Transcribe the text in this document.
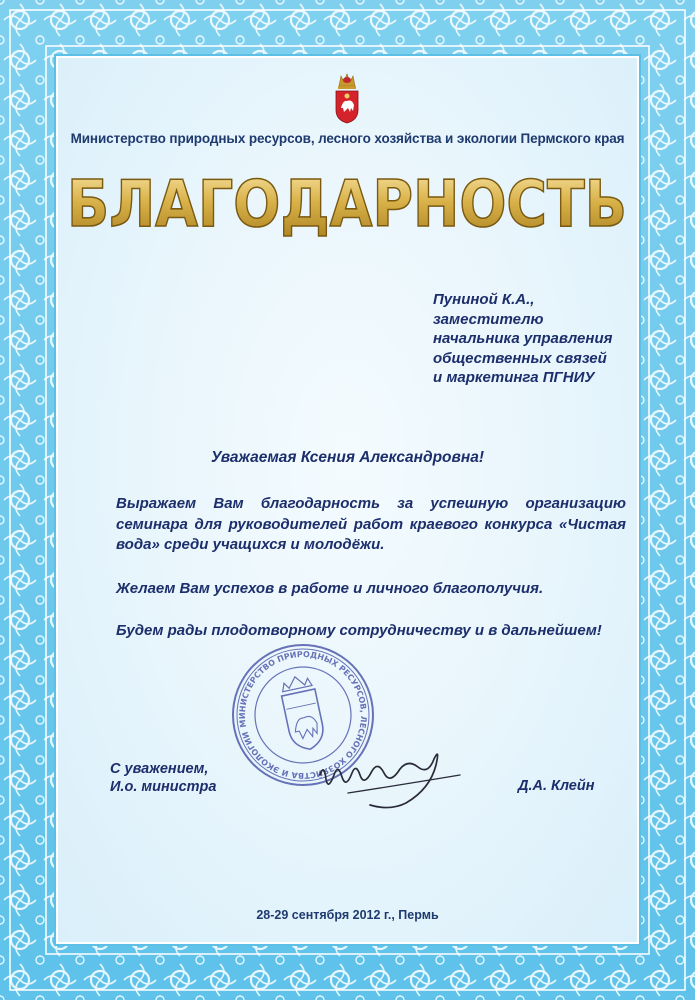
Министерство природных ресурсов, лесного хозяйства и экологии Пермского края
БЛАГОДАРНОСТЬ
Пуниной К.А.,
заместителю
начальника управления
общественных связей
и маркетинга ПГНИУ
Уважаемая Ксения Александровна!
Выражаем Вам благодарность за успешную организацию семинара для руководителей работ краевого конкурса «Чистая вода» среди учащихся и молодёжи.
Желаем Вам успехов в работе и личного благополучия.
Будем рады плодотворному сотрудничеству и в дальнейшем!
МИНИСТЕРСТВО ПРИРОДНЫХ РЕСУРСОВ, ЛЕСНОГО ХОЗЯЙСТВА И ЭКОЛОГИИ
С уважением,
И.о. министра	Д.А. Клейн
28-29 сентября 2012 г., Пермь
